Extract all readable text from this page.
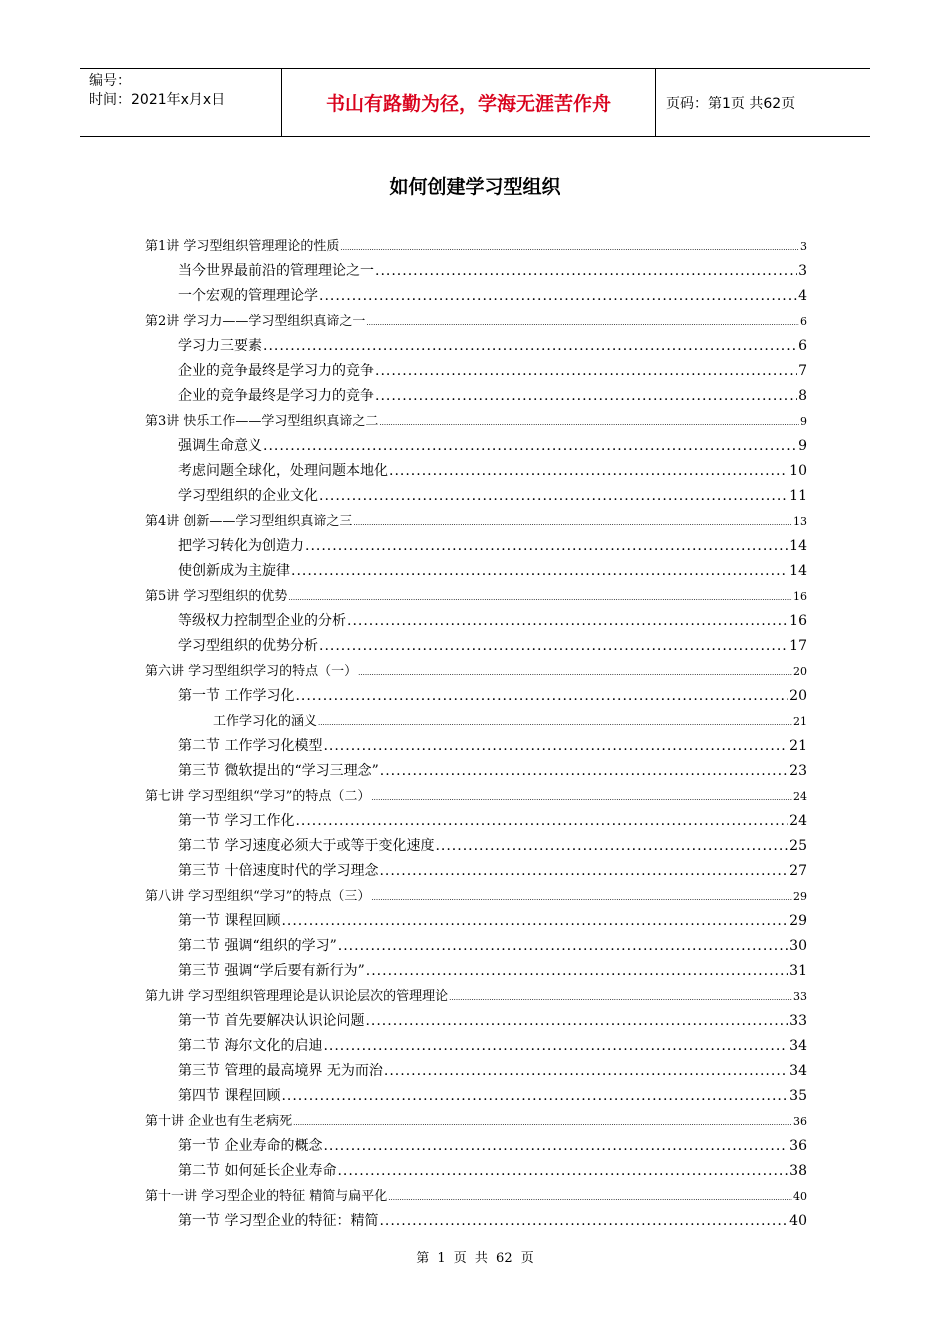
编号：
时间：2021年x月x日	书山有路勤为径，学海无涯苦作舟	页码：第1页 共62页
如何创建学习型组织
第1讲 学习型组织管理理论的性质 .....	3
当今世界最前沿的管理理论之一 .....	3
一个宏观的管理理论学 .....	4
第2讲 学习力——学习型组织真谛之一 .....	6
学习力三要素 .....	6
企业的竞争最终是学习力的竞争 .....	7
企业的竞争最终是学习力的竞争 .....	8
第3讲 快乐工作——学习型组织真谛之二 .....	9
强调生命意义 .....	9
考虑问题全球化，处理问题本地化 .....	10
学习型组织的企业文化 .....	11
第4讲 创新——学习型组织真谛之三 .....	13
把学习转化为创造力 .....	14
使创新成为主旋律 .....	14
第5讲 学习型组织的优势 .....	16
等级权力控制型企业的分析 .....	16
学习型组织的优势分析 .....	17
第六讲 学习型组织学习的特点（一） .....	20
第一节 工作学习化 .....	20
工作学习化的涵义 .....	21
第二节 工作学习化模型 .....	21
第三节 微软提出的“学习三理念” .....	23
第七讲 学习型组织“学习”的特点（二） .....	24
第一节 学习工作化 .....	24
第二节 学习速度必须大于或等于变化速度 .....	25
第三节 十倍速度时代的学习理念 .....	27
第八讲 学习型组织“学习”的特点（三） .....	29
第一节 课程回顾 .....	29
第二节 强调“组织的学习” .....	30
第三节 强调“学后要有新行为” .....	31
第九讲 学习型组织管理理论是认识论层次的管理理论 .....	33
第一节 首先要解决认识论问题 .....	33
第二节 海尔文化的启迪 .....	34
第三节 管理的最高境界 无为而治 .....	34
第四节 课程回顾 .....	35
第十讲 企业也有生老病死 .....	36
第一节 企业寿命的概念 .....	36
第二节 如何延长企业寿命 .....	38
第十一讲 学习型企业的特征 精简与扁平化 .....	40
第一节 学习型企业的特征：精简 .....	40
第 1 页 共 62 页
